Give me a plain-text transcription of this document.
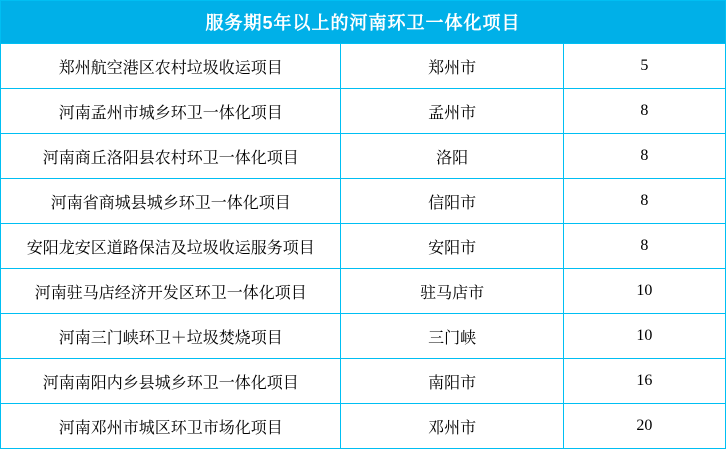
服务期5年以上的河南环卫一体化项目		
郑州航空港区农村垃圾收运项目	郑州市	5
河南孟州市城乡环卫一体化项目	孟州市	8
河南商丘洛阳县农村环卫一体化项目	洛阳	8
河南省商城县城乡环卫一体化项目	信阳市	8
安阳龙安区道路保洁及垃圾收运服务项目	安阳市	8
河南驻马店经济开发区环卫一体化项目	驻马店市	10
河南三门峡环卫＋垃圾焚烧项目	三门峡	10
河南南阳内乡县城乡环卫一体化项目	南阳市	16
河南邓州市城区环卫市场化项目	邓州市	20
